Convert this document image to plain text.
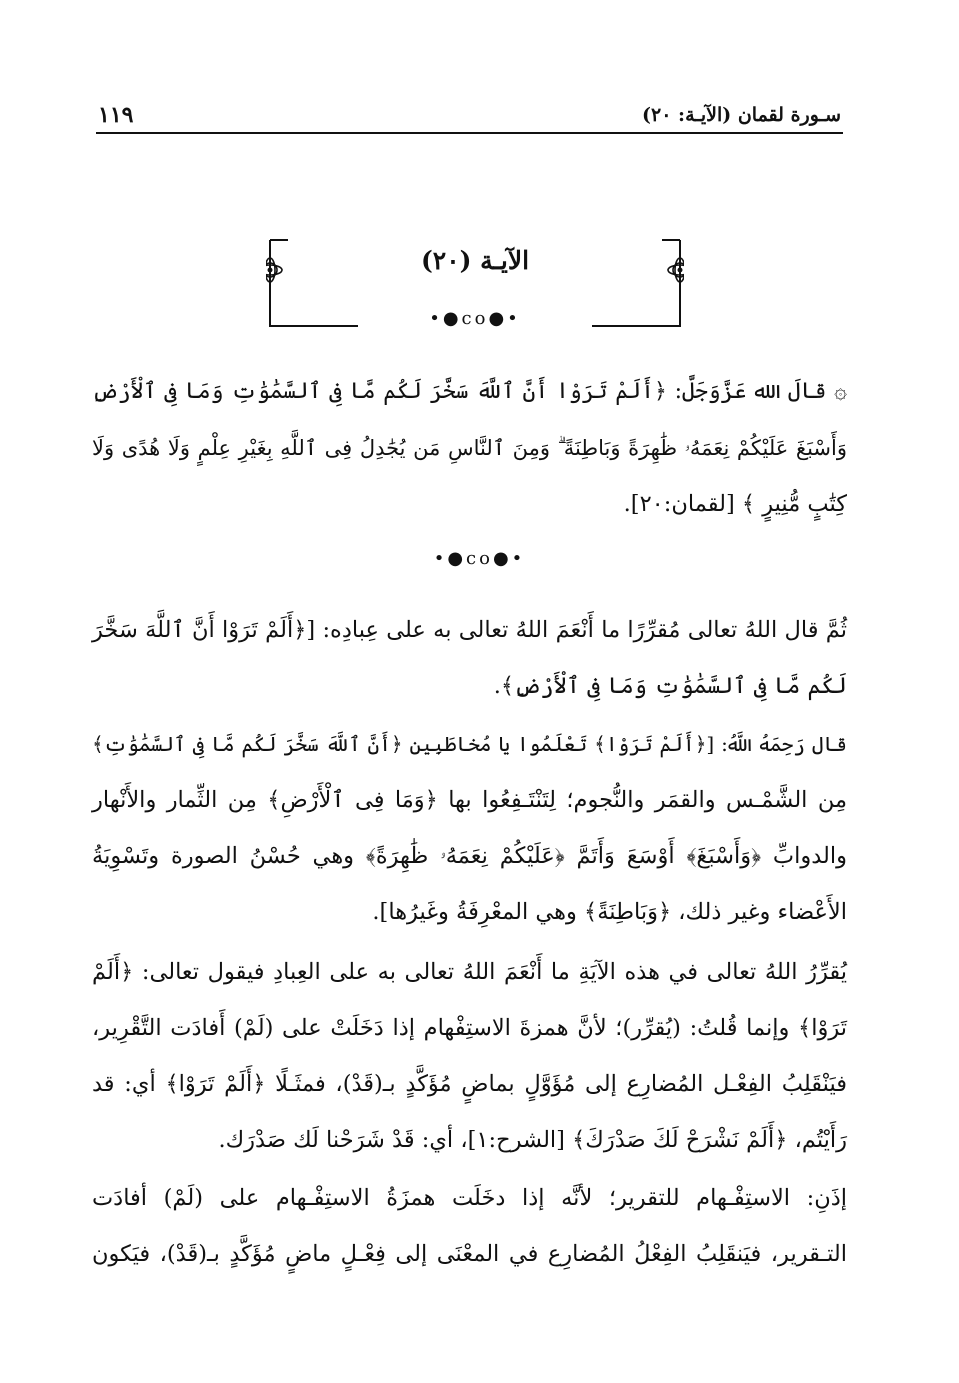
سـورة لقمان (الآيـة: ٢٠)
١١٩
الآيـة (٢٠)
•●co●•
۞ قالَ الله عَزَّوَجَلَّ: ﴿أَلَمْ تَرَوْا أَنَّ ٱللَّهَ سَخَّرَ لَكُم مَّا فِى ٱلسَّمَٰوَٰتِ وَمَا فِى ٱلْأَرْضِ
وَأَسْبَغَ عَلَيْكُمْ نِعَمَهُۥ ظَٰهِرَةً وَبَاطِنَةً ۗ وَمِنَ ٱلنَّاسِ مَن يُجَٰدِلُ فِى ٱللَّهِ بِغَيْرِ عِلْمٍ وَلَا هُدًى وَلَا
كِتَٰبٍ مُّنِيرٍ ﴾ [لقمان:٢٠].
•●co●•
ثُمَّ قال اللهُ تعالى مُقرِّرًا ما أَنْعَمَ اللهُ تعالى به على عِبادِه: [﴿أَلَمْ تَرَوْا أَنَّ ٱللَّهَ سَخَّرَ
لَكُم مَّا فِى ٱلسَّمَٰوَٰتِ وَمَا فِى ٱلْأَرْضِ﴾.
قال رَحِمَهُ اللَّهُ: [﴿أَلَمْ تَرَوْا﴾ تَعْلَمُوا يا مُخاطَبِين ﴿أَنَّ ٱللَّهَ سَخَّرَ لَكُم مَّا فِى ٱلسَّمَٰوَٰتِ﴾
مِن الشَّمْـس والقمَر والنُّجوم؛ لِتَنْتَـفِعُوا بها ﴿وَمَا فِى ٱلْأَرْضِ﴾ مِن الثِّمار والأَنْهار
والدوابِّ ﴿وَأَسْبَغَ﴾ أَوْسَعَ وَأَتَمَّ ﴿عَلَيْكُمْ نِعَمَهُۥ ظَٰهِرَةً﴾ وهي حُسْنُ الصورة وتَسْوِيَةُ
الأَعْضاء وغير ذلك، ﴿وَبَاطِنَةً﴾ وهي المعْرِفَةُ وغَيرُها].
يُقرِّرُ اللهُ تعالى في هذه الآيَةِ ما أَنْعَمَ اللهُ تعالى به على العِبادِ فيقول تعالى: ﴿أَلَمْ
تَرَوْا﴾ وإنما قُلتُ: (يُقرِّر)؛ لأنَّ همزةَ الاستِفْهام إذا دَخَلَتْ على (لَمْ) أَفادَت التَّقْرِير،
فيَنْقَلِبُ الفِعْـل المُضارِع إلى مُؤَوَّلٍ بماضٍ مُؤَكَّدٍ بـ(قَدْ)، فمثَـلًا ﴿أَلَمْ تَرَوْا﴾ أي: قد
رَأَيْتُم، ﴿أَلَمْ نَشْرَحْ لَكَ صَدْرَكَ﴾ [الشرح:١]، أي: قَدْ شَرَحْنا لَك صَدْرَك.
إذَنِ: الاستِفْـهام للتقرير؛ لأنَّه إذا دخَلَت همزَةُ الاستِفْـهام على (لَمْ) أفادَت
التـقرير، فيَنقَلِبُ الفِعْلُ المُضارِع في المعْنَى إلى فِعْـلٍ ماضٍ مُؤَكَّدٍ بـ(قَدْ)، فيَكون
